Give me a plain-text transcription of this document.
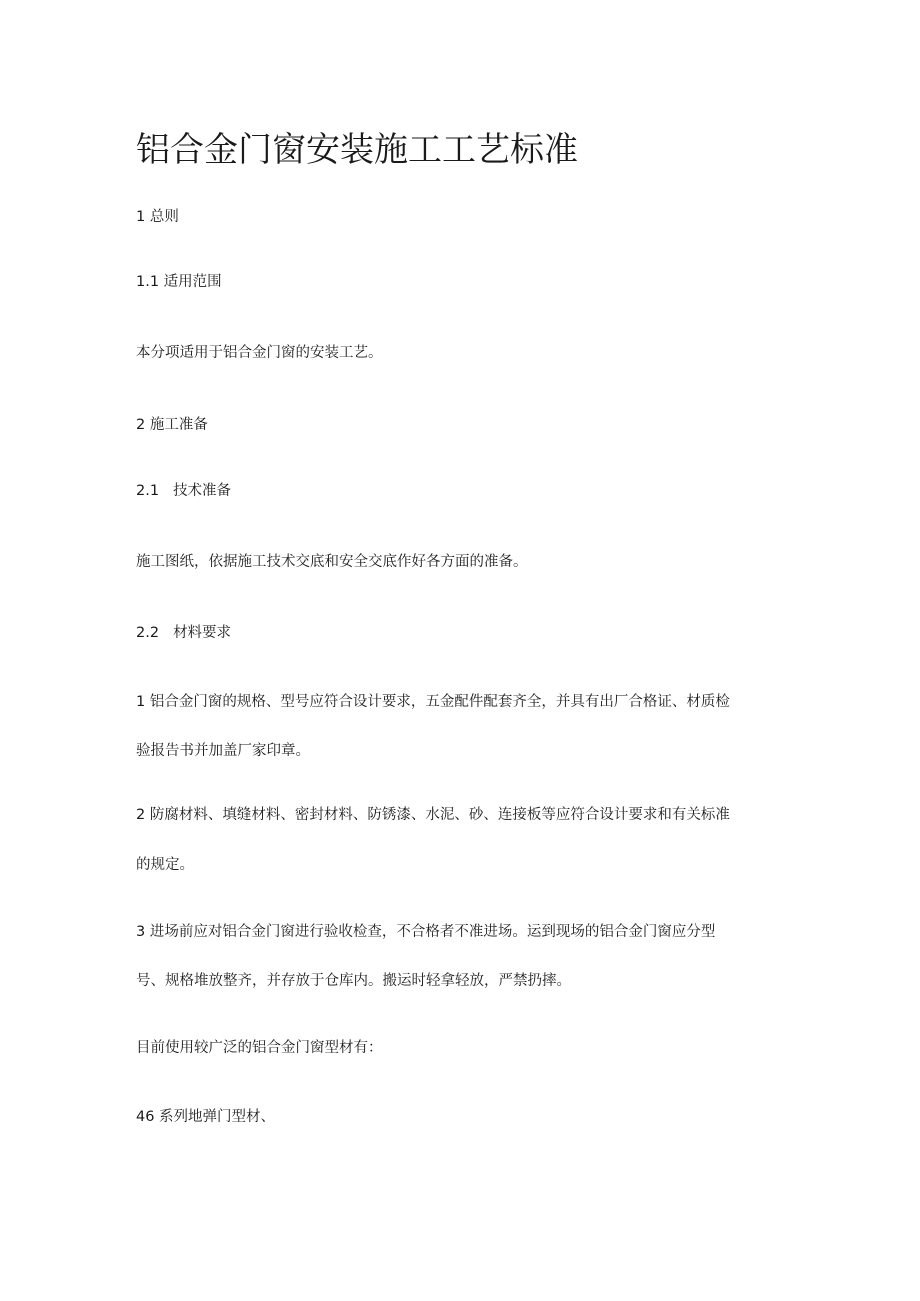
铝合金门窗安装施工工艺标准

1 总则

1.1 适用范围

本分项适用于铝合金门窗的安装工艺。

2 施工准备

2.1 技术准备

施工图纸，依据施工技术交底和安全交底作好各方面的准备。

2.2 材料要求

1 铝合金门窗的规格、型号应符合设计要求，五金配件配套齐全，并具有出厂合格证、材质检

验报告书并加盖厂家印章。

2 防腐材料、填缝材料、密封材料、防锈漆、水泥、砂、连接板等应符合设计要求和有关标准

的规定。

3 进场前应对铝合金门窗进行验收检查，不合格者不准进场。运到现场的铝合金门窗应分型

号、规格堆放整齐，并存放于仓库内。搬运时轻拿轻放，严禁扔摔。

目前使用较广泛的铝合金门窗型材有：

46 系列地弹门型材、
